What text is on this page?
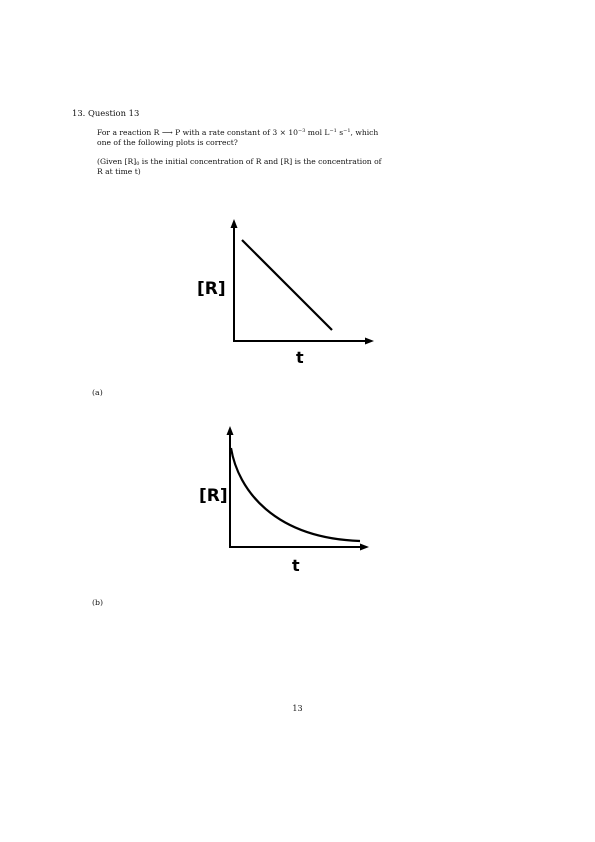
13. Question 13
For a reaction R ⟶ P with a rate constant of $3 \times 10^{-3}$ mol $L^{-1}$ $s^{-1}$, which
one of the following plots is correct?
(Given $[R]_0$ is the initial concentration of R and [R] is the concentration of
R at time t)
[R]
t
(a)
[R]
t
(b)
13
